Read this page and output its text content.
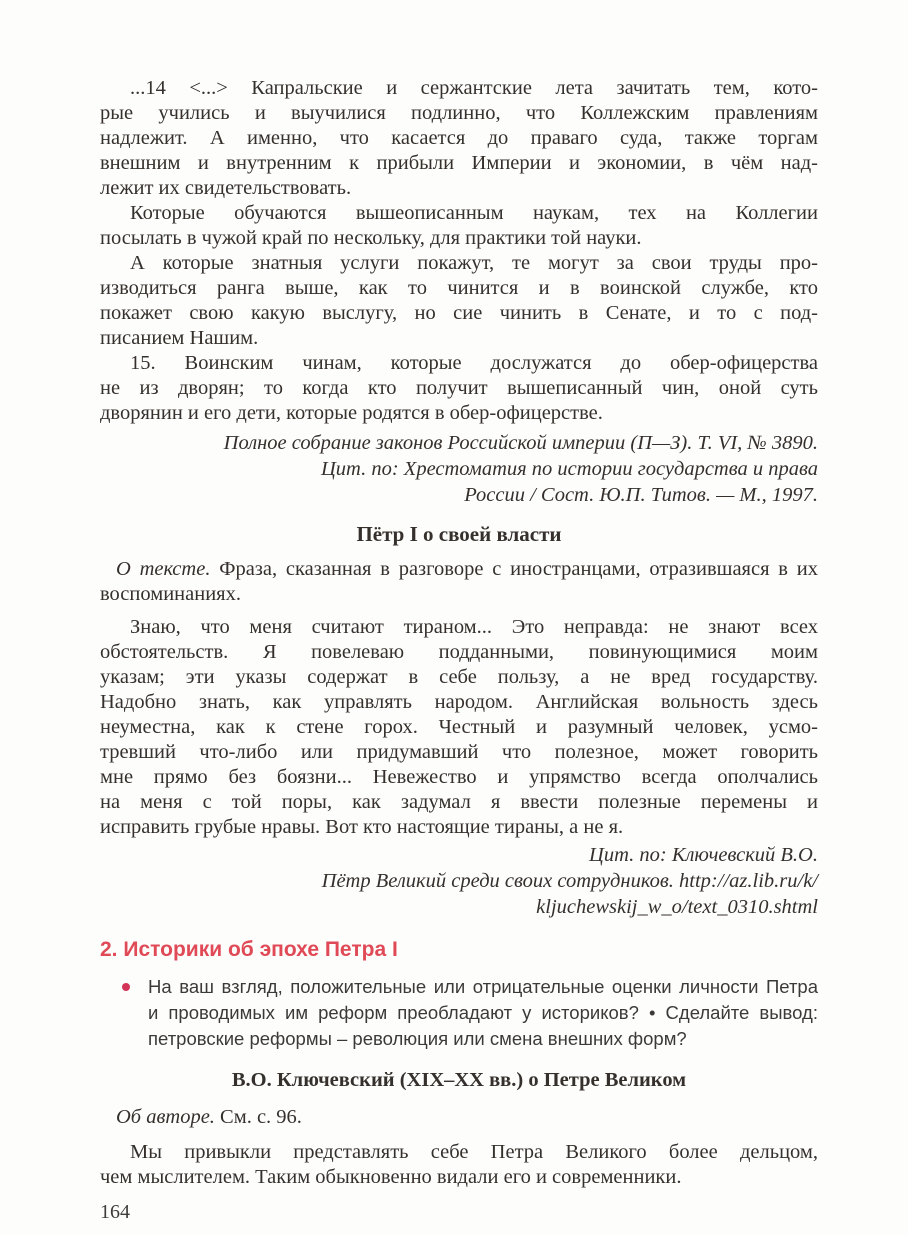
...14 <...> Капральские и сержантские лета зачитать тем, кото-
рые учились и выучилися подлинно, что Коллежским правлениям
надлежит. А именно, что касается до праваго суда, также торгам
внешним и внутренним к прибыли Империи и экономии, в чём над-
лежит их свидетельствовать.
Которые обучаются вышеописанным наукам, тех на Коллегии
посылать в чужой край по нескольку, для практики той науки.
А которые знатныя услуги покажут, те могут за свои труды про-
изводиться ранга выше, как то чинится и в воинской службе, кто
покажет свою какую выслугу, но сие чинить в Сенате, и то с под-
писанием Нашим.
15. Воинским чинам, которые дослужатся до обер-офицерства
не из дворян; то когда кто получит вышеписанный чин, оной суть
дворянин и его дети, которые родятся в обер-офицерстве.
Полное собрание законов Российской империи (П—З). Т. VI, № 3890.
Цит. по: Хрестоматия по истории государства и права
России / Сост. Ю.П. Титов. — М., 1997.
Пётр I о своей власти

О тексте. Фраза, сказанная в разговоре с иностранцами, отразившаяся в их воспоминаниях.

Знаю, что меня считают тираном... Это неправда: не знают всех
обстоятельств. Я повелеваю подданными, повинующимися моим
указам; эти указы содержат в себе пользу, а не вред государству.
Надобно знать, как управлять народом. Английская вольность здесь
неуместна, как к стене горох. Честный и разумный человек, усмо-
тревший что-либо или придумавший что полезное, может говорить
мне прямо без боязни... Невежество и упрямство всегда ополчались
на меня с той поры, как задумал я ввести полезные перемены и
исправить грубые нравы. Вот кто настоящие тираны, а не я.
Цит. по: Ключевский В.О.
Пётр Великий среди своих сотрудников. http://az.lib.ru/k/
kljuchewskij_w_o/text_0310.shtml
2. Историки об эпохе Петра I
На ваш взгляд, положительные или отрицательные оценки личности Петра
и проводимых им реформ преобладают у историков? • Сделайте вывод:
петровские реформы – революция или смена внешних форм?
В.О. Ключевский (XIX–XX вв.) о Петре Великом

Об авторе. См. с. 96.

Мы привыкли представлять себе Петра Великого более дельцом,
чем мыслителем. Таким обыкновенно видали его и современники.
164
